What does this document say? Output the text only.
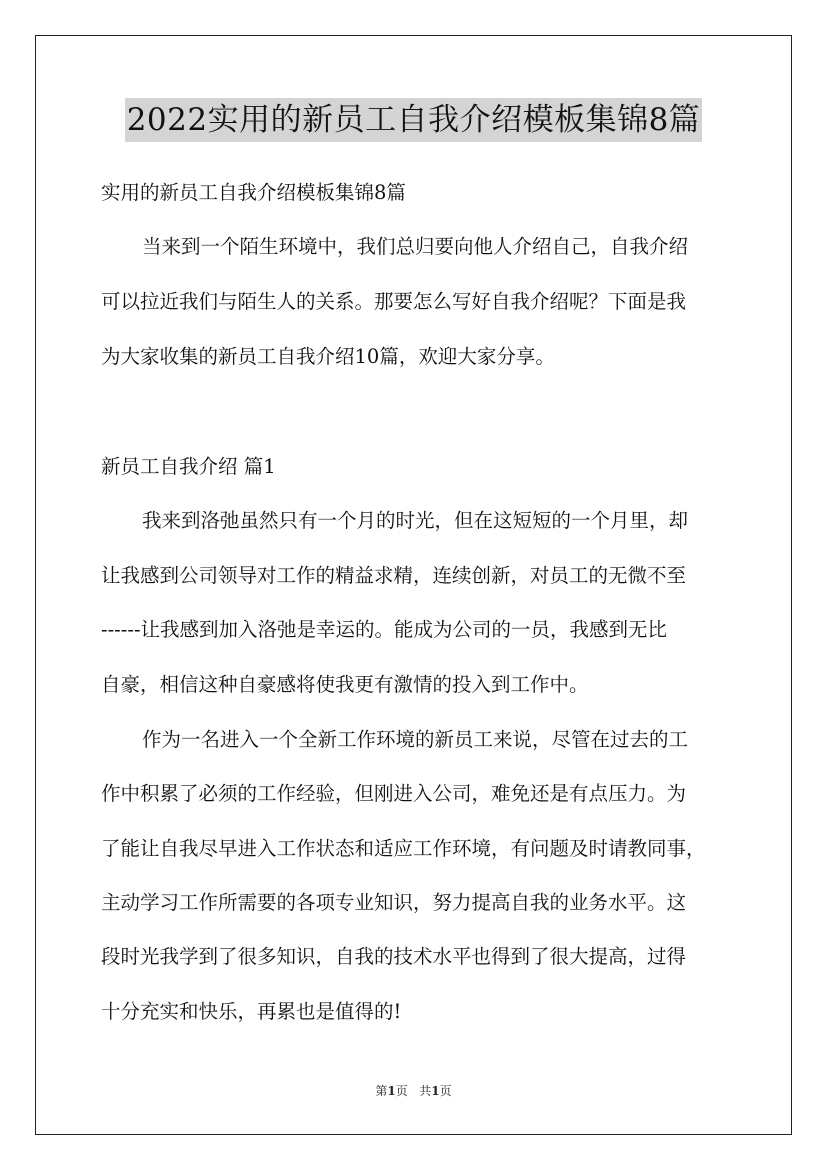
2022实用的新员工自我介绍模板集锦8篇
实用的新员工自我介绍模板集锦8篇
当来到一个陌生环境中，我们总归要向他人介绍自己，自我介绍
可以拉近我们与陌生人的关系。那要怎么写好自我介绍呢？下面是我
为大家收集的新员工自我介绍10篇，欢迎大家分享。
新员工自我介绍 篇1
我来到洛弛虽然只有一个月的时光，但在这短短的一个月里，却
让我感到公司领导对工作的精益求精，连续创新，对员工的无微不至
------让我感到加入洛弛是幸运的。能成为公司的一员，我感到无比
自豪，相信这种自豪感将使我更有激情的投入到工作中。
作为一名进入一个全新工作环境的新员工来说，尽管在过去的工
作中积累了必须的工作经验，但刚进入公司，难免还是有点压力。为
了能让自我尽早进入工作状态和适应工作环境，有问题及时请教同事，
主动学习工作所需要的各项专业知识，努力提高自我的业务水平。这
段时光我学到了很多知识，自我的技术水平也得到了很大提高，过得
十分充实和快乐，再累也是值得的!
第1页 共1页
